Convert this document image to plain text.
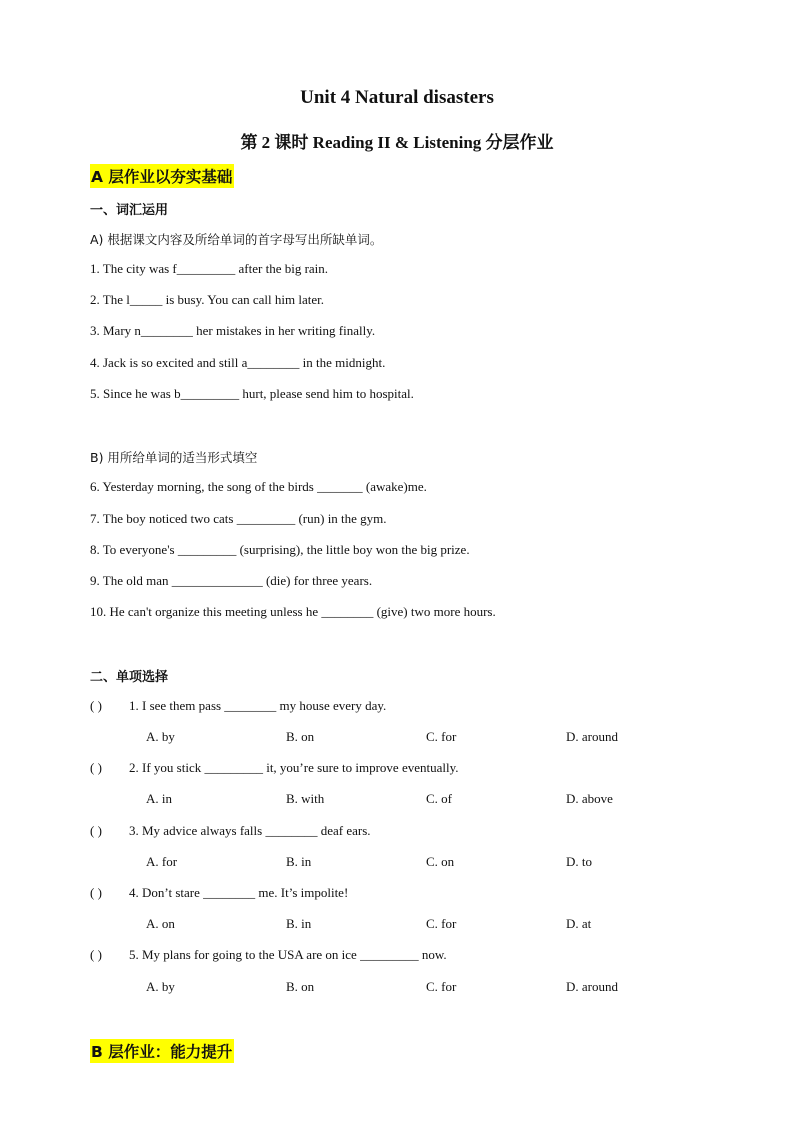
Unit 4 Natural disasters
第 2 课时 Reading II & Listening 分层作业
A 层作业以夯实基础
一、词汇运用
A) 根据课文内容及所给单词的首字母写出所缺单词。
1. The city was f_________ after the big rain.
2. The l_____ is busy. You can call him later.
3. Mary n________ her mistakes in her writing finally.
4. Jack is so excited and still a________ in the midnight.
5. Since he was b_________ hurt, please send him to hospital.
B) 用所给单词的适当形式填空
6. Yesterday morning, the song of the birds _______ (awake)me.
7. The boy noticed two cats _________ (run) in the gym.
8. To everyone's _________ (surprising), the little boy won the big prize.
9. The old man ______________ (die) for three years.
10. He can't organize this meeting unless he ________ (give) two more hours.
二、单项选择
( ) 1. I see them pass ________ my house every day.
A. by	B. on	C. for	D. around
( ) 2. If you stick _________ it, you’re sure to improve eventually.
A. in	B. with	C. of	D. above
( ) 3. My advice always falls ________ deaf ears.
A. for	B. in	C. on	D. to
( ) 4. Don’t stare ________ me. It’s impolite!
A. on	B. in	C. for	D. at
( ) 5. My plans for going to the USA are on ice _________ now.
A. by	B. on	C. for	D. around
B 层作业：能力提升
